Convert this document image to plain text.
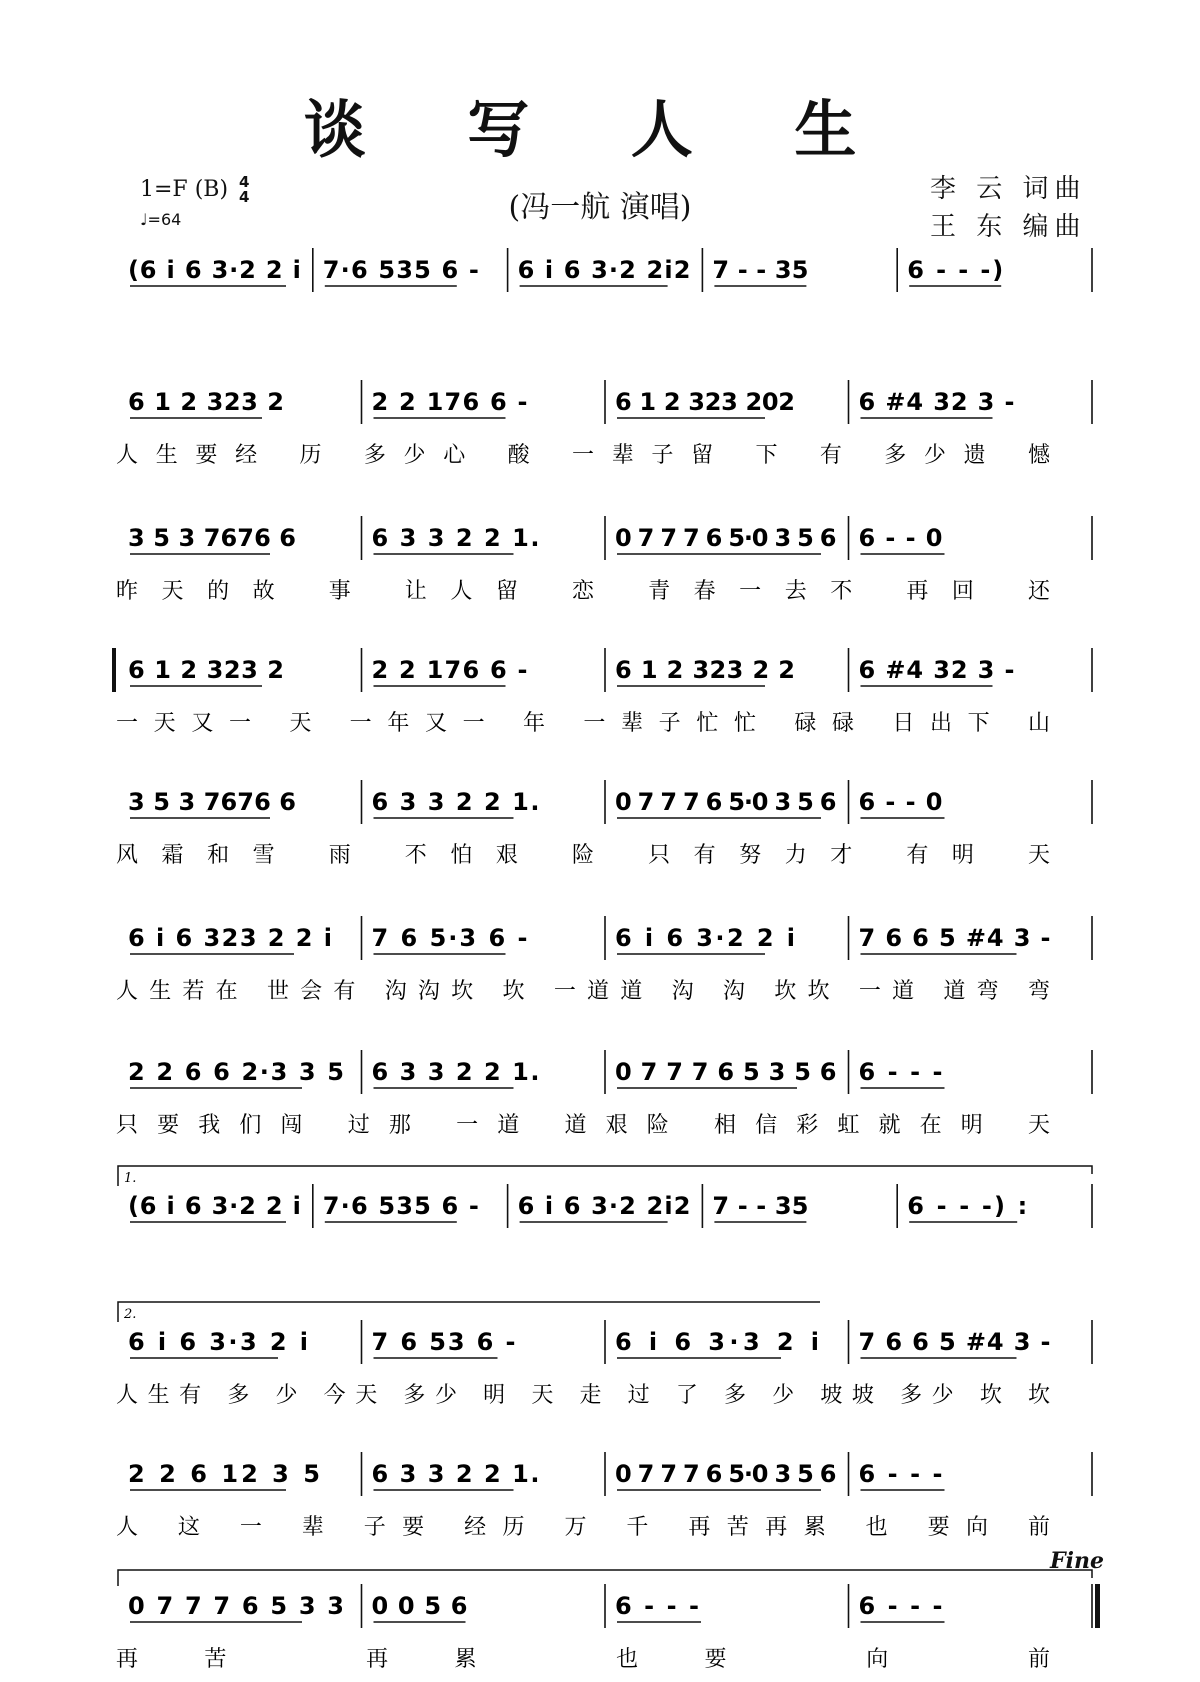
谈 写 人 生
(冯一航 演唱)
李 云 词曲
王 东 编曲
1=F (B) 4
4
♩=64
(6 i 6 3·2 2 i 7·6 535 6 - 6 i 6 3·2 2i2 7 - - 35	6 - - -)
6 1 2 323 2	2 2 176 6 -	6 1 2 323 202	6 #4 32 3 -
人生要经 历 多少心 酸 一辈子留 下 有 多少遗 憾
3 5 3 7676 6	6 3 3 2 2 1.	0 7 7 7 6 5·0 3 5 6 6 - - 0
昨天的故 事 让人留 恋 青春一去不 再回 还
6 1 2 323 2	2 2 176 6 -	6 1 2 323 2 2	6 #4 32 3 -
一天又一 天 一年又一 年 一辈子忙忙 碌碌 日出下 山
3 5 3 7676 6	6 3 3 2 2 1.	0 7 7 7 6 5·0 3 5 6 6 - - 0
风霜和雪 雨 不怕艰 险 只有努力才 有明 天
6 i 6 323 2 2 i 7 6 5·3 6 -	6 i 6 3·2 2 i	7 6 6 5 #4 3 -
人生若在 世会有 沟沟坎 坎 一道道 沟 沟 坎坎 一道 道弯 弯
2 2 6 6 2·3 3 5 6 3 3 2 2 1.	0 7 7 7 6 5 3 5 6 6 - - -
只要我们闯 过那 一道 道艰险 相信彩虹就在明 天
1.
(6 i 6 3·2 2 i 7·6 535 6 - 6 i 6 3·2 2i2 7 - - 35	6 - - -) :
2.
6 i 6 3·3 2 i	7 6 53 6 -	6 i 6 3·3 2 i 7 6 6 5 #4 3 -
人生有 多 少 今天 多少 明 天 走 过 了 多 少 坡坡 多少 坎 坎
2 2 6 12 3 5 6 3 3 2 2 1.	0 7 7 7 6 5·0 3 5 6 6 - - -
人 这 一 辈 子要 经历 万 千 再苦再累 也 要向 前
0 7 7 7 6 5 3 3 0 0 5 6	6 - - -	6 - - -
再苦 再累 也要 向 前
Fine
